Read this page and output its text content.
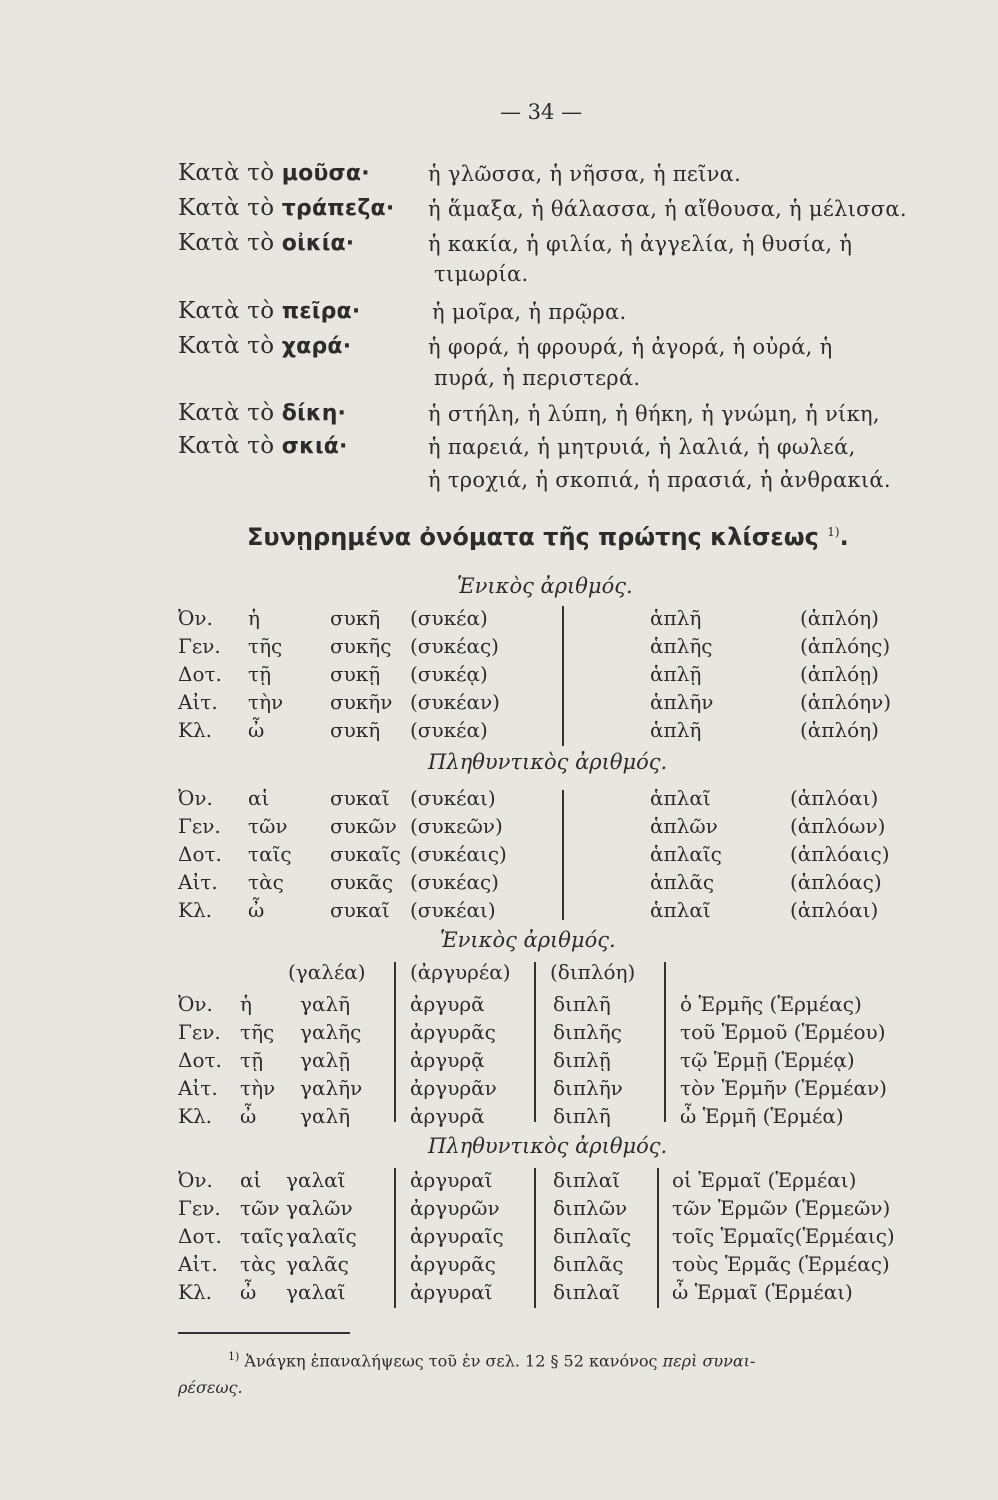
— 34 —
Κατὰ τὸ μοῦσα·	ἡ γλῶσσα, ἡ νῆσσα, ἡ πεῖνα.
Κατὰ τὸ τράπεζα· ἡ ἅμαξα, ἡ θάλασσα, ἡ αἴθουσα, ἡ μέλισσα.
Κατὰ τὸ οἰκία·	ἡ κακία, ἡ φιλία, ἡ ἀγγελία, ἡ θυσία, ἡ
τιμωρία.
Κατὰ τὸ πεῖρα·	ἡ μοῖρα, ἡ πρῷρα.
Κατὰ τὸ χαρά·	ἡ φορά, ἡ φρουρά, ἡ ἀγορά, ἡ οὐρά, ἡ
πυρά, ἡ περιστερά.
Κατὰ τὸ δίκη·	ἡ στήλη, ἡ λύπη, ἡ θήκη, ἡ γνώμη, ἡ νίκη,
Κατὰ τὸ σκιά·	ἡ παρειά, ἡ μητρυιά, ἡ λαλιά, ἡ φωλεά,
ἡ τροχιά, ἡ σκοπιά, ἡ πρασιά, ἡ ἀνθρακιά.
Συνῃρημένα ὀνόματα τῆς πρώτης κλίσεως $^{1)}$.
Ἑνικὸς ἀριθμός.
Ὀν. ἡ	συκῆ (συκέα)	ἁπλῆ	(ἁπλόη)
Γεν. τῆς συκῆς (συκέας)	ἁπλῆς	(ἁπλόης)
Δοτ. τῇ	συκῇ (συκέᾳ)	ἁπλῇ	(ἁπλόῃ)
Αἰτ. τὴν συκῆν (συκέαν)	ἁπλῆν	(ἁπλόην)
Κλ. ὦ	συκῆ (συκέα)	ἁπλῆ	(ἁπλόη)
Πληθυντικὸς ἀριθμός.
Ὀν. αἱ	συκαῖ (συκέαι)	ἁπλαῖ	(ἁπλόαι)
Γεν. τῶν συκῶν (συκεῶν)	ἁπλῶν	(ἁπλόων)
Δοτ. ταῖς συκαῖς (συκέαις)	ἁπλαῖς	(ἁπλόαις)
Αἰτ. τὰς συκᾶς (συκέας)	ἁπλᾶς	(ἁπλόας)
Κλ. ὦ	συκαῖ (συκέαι)	ἁπλαῖ	(ἁπλόαι)
Ἑνικὸς ἀριθμός.
(γαλέα) (ἀργυρέα) (διπλόη)
Ὀν. ἡ γαλῆ	ἀργυρᾶ	διπλῆ	ὁ Ἑρμῆς (Ἑρμέας)
Γεν. τῆς γαλῆς ἀργυρᾶς	διπλῆς	τοῦ Ἑρμοῦ (Ἑρμέου)
Δοτ. τῇ γαλῇ	ἀργυρᾷ	διπλῇ	τῷ Ἑρμῇ (Ἑρμέᾳ)
Αἰτ. τὴν γαλῆν ἀργυρᾶν	διπλῆν	τὸν Ἑρμῆν (Ἑρμέαν)
Κλ. ὦ γαλῆ	ἀργυρᾶ	διπλῆ	ὦ Ἑρμῆ (Ἑρμέα)
Πληθυντικὸς ἀριθμός.
Ὀν. αἱ γαλαῖ	ἀργυραῖ	διπλαῖ	οἱ Ἑρμαῖ (Ἑρμέαι)
Γεν. τῶν γαλῶν	ἀργυρῶν	διπλῶν τῶν Ἑρμῶν (Ἑρμεῶν)
Δοτ. ταῖς γαλαῖς	ἀργυραῖς διπλαῖς τοῖς Ἑρμαῖς(Ἑρμέαις)
Αἰτ. τὰς γαλᾶς	ἀργυρᾶς	διπλᾶς τοὺς Ἑρμᾶς (Ἑρμέας)
Κλ. ὦ γαλαῖ	ἀργυραῖ	διπλαῖ	ὦ Ἑρμαῖ (Ἑρμέαι)
$^{1)}$ Ἀνάγκη ἐπαναλήψεως τοῦ ἐν σελ. 12 § 52 κανόνος περὶ συναι-
ρέσεως.
